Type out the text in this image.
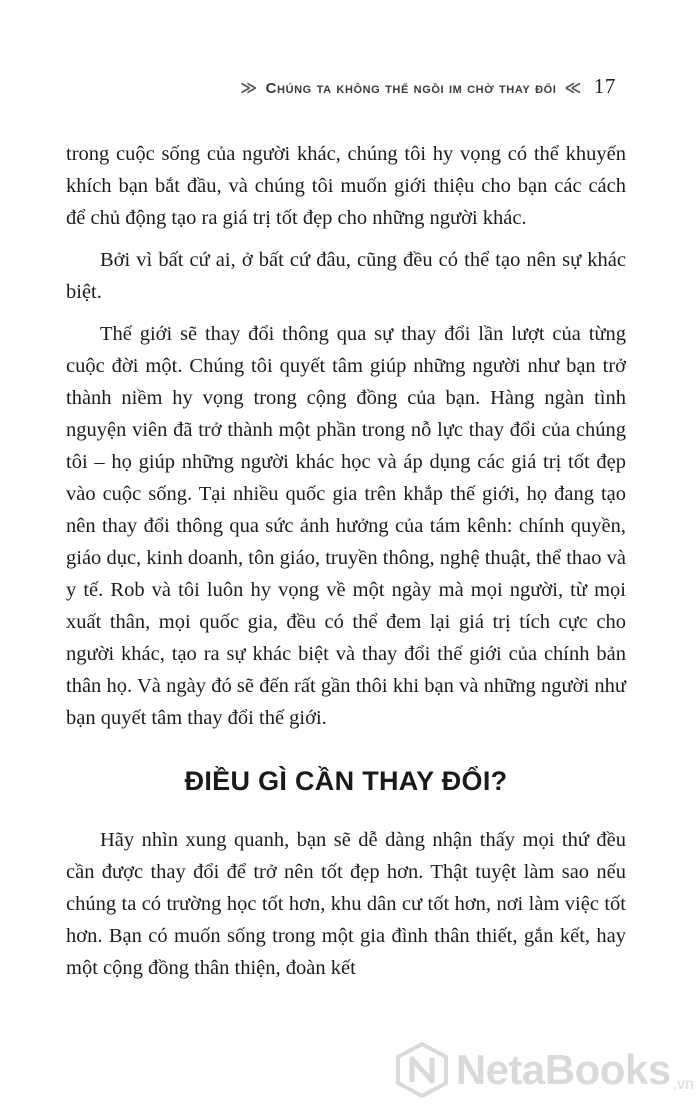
≫ Chúng ta không thể ngồi im chờ thay đổi ≪ 17

trong cuộc sống của người khác, chúng tôi hy vọng có thể khuyến khích bạn bắt đầu, và chúng tôi muốn giới thiệu cho bạn các cách để chủ động tạo ra giá trị tốt đẹp cho những người khác.

Bởi vì bất cứ ai, ở bất cứ đâu, cũng đều có thể tạo nên sự khác biệt.

Thế giới sẽ thay đổi thông qua sự thay đổi lần lượt của từng cuộc đời một. Chúng tôi quyết tâm giúp những người như bạn trở thành niềm hy vọng trong cộng đồng của bạn. Hàng ngàn tình nguyện viên đã trở thành một phần trong nỗ lực thay đổi của chúng tôi – họ giúp những người khác học và áp dụng các giá trị tốt đẹp vào cuộc sống. Tại nhiều quốc gia trên khắp thế giới, họ đang tạo nên thay đổi thông qua sức ảnh hưởng của tám kênh: chính quyền, giáo dục, kinh doanh, tôn giáo, truyền thông, nghệ thuật, thể thao và y tế. Rob và tôi luôn hy vọng về một ngày mà mọi người, từ mọi xuất thân, mọi quốc gia, đều có thể đem lại giá trị tích cực cho người khác, tạo ra sự khác biệt và thay đổi thế giới của chính bản thân họ. Và ngày đó sẽ đến rất gần thôi khi bạn và những người như bạn quyết tâm thay đổi thế giới.

ĐIỀU GÌ CẦN THAY ĐỔI?

Hãy nhìn xung quanh, bạn sẽ dễ dàng nhận thấy mọi thứ đều cần được thay đổi để trở nên tốt đẹp hơn. Thật tuyệt làm sao nếu chúng ta có trường học tốt hơn, khu dân cư tốt hơn, nơi làm việc tốt hơn. Bạn có muốn sống trong một gia đình thân thiết, gắn kết, hay một cộng đồng thân thiện, đoàn kết

NetaBooks .vn
